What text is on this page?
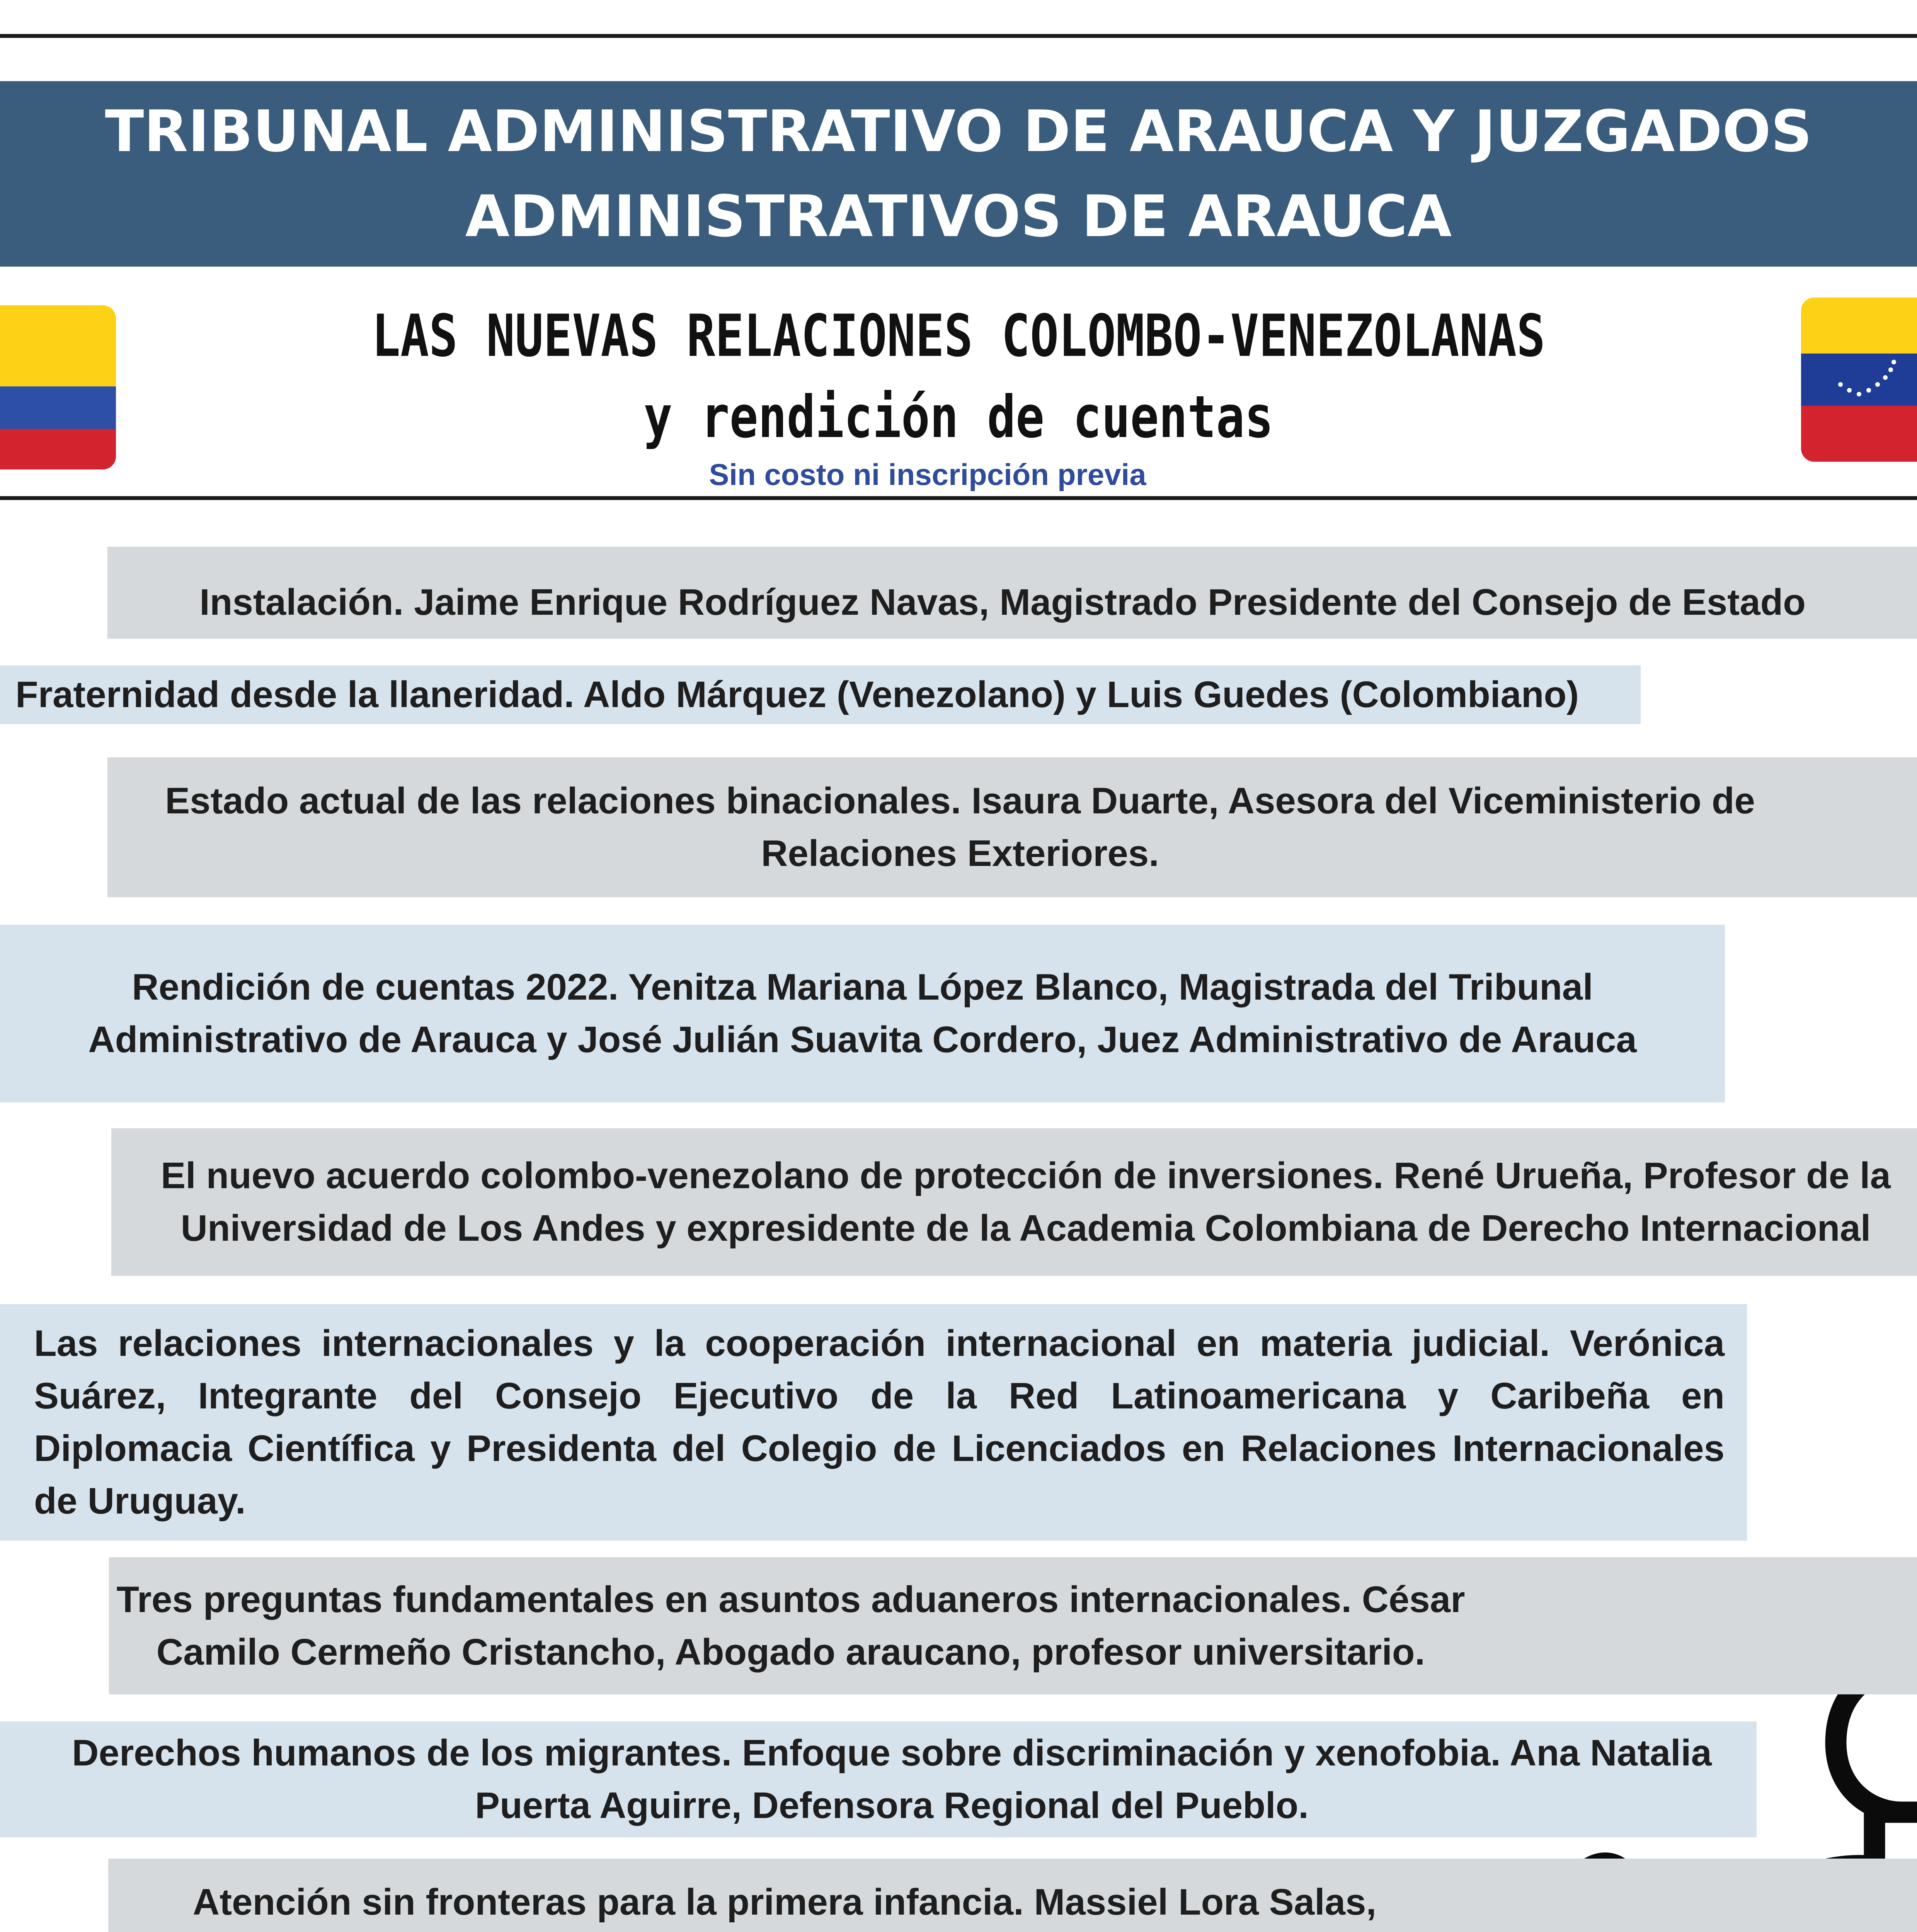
TRIBUNAL ADMINISTRATIVO DE ARAUCA Y JUZGADOS
ADMINISTRATIVOS DE ARAUCA
LAS NUEVAS RELACIONES COLOMBO-VENEZOLANAS
y rendición de cuentas
Sin costo ni inscripción previa

Instalación. Jaime Enrique Rodríguez Navas, Magistrado Presidente del Consejo de Estado

Fraternidad desde la llaneridad. Aldo Márquez (Venezolano) y Luis Guedes (Colombiano)

Estado actual de las relaciones binacionales. Isaura Duarte, Asesora del Viceministerio de

Relaciones Exteriores.

Rendición de cuentas 2022. Yenitza Mariana López Blanco, Magistrada del Tribunal

Administrativo de Arauca y José Julián Suavita Cordero, Juez Administrativo de Arauca

El nuevo acuerdo colombo-venezolano de protección de inversiones. René Urueña, Profesor de la

Universidad de Los Andes y expresidente de la Academia Colombiana de Derecho Internacional

Las relaciones internacionales y la cooperación internacional en materia judicial. Verónica

Suárez, Integrante del Consejo Ejecutivo de la Red Latinoamericana y Caribeña en

Diplomacia Científica y Presidenta del Colegio de Licenciados en Relaciones Internacionales

de Uruguay.

Tres preguntas fundamentales en asuntos aduaneros internacionales. César

Camilo Cermeño Cristancho, Abogado araucano, profesor universitario.

Derechos humanos de los migrantes. Enfoque sobre discriminación y xenofobia. Ana Natalia

Puerta Aguirre, Defensora Regional del Pueblo.

Atención sin fronteras para la primera infancia. Massiel Lora Salas,
